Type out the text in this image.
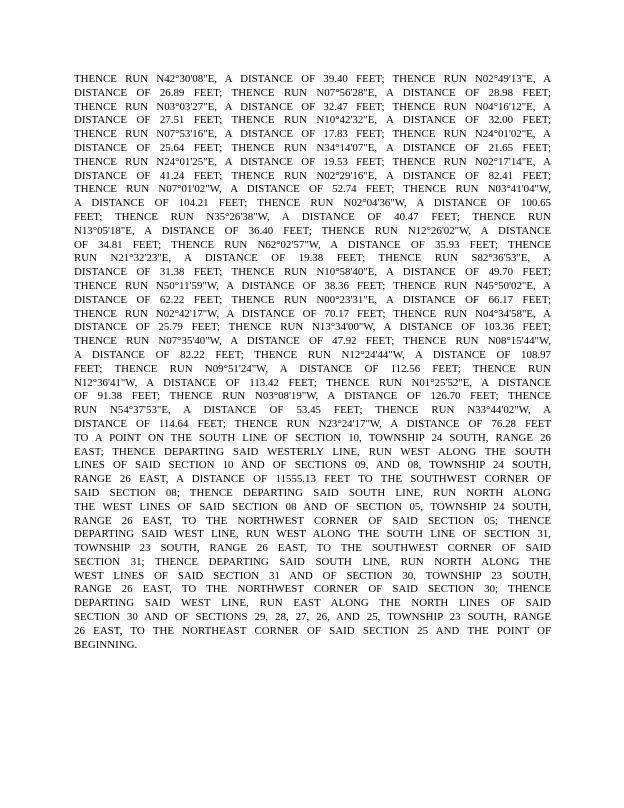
THENCE RUN N42°30'08"E, A DISTANCE OF 39.40 FEET; THENCE RUN N02°49'13"E, A
DISTANCE OF 26.89 FEET; THENCE RUN N07°56'28"E, A DISTANCE OF 28.98 FEET;
THENCE RUN N03°03'27"E, A DISTANCE OF 32.47 FEET; THENCE RUN N04°16'12"E, A
DISTANCE OF 27.51 FEET; THENCE RUN N10°42'32"E, A DISTANCE OF 32.00 FEET;
THENCE RUN N07°53'16"E, A DISTANCE OF 17.83 FEET; THENCE RUN N24°01'02"E, A
DISTANCE OF 25.64 FEET; THENCE RUN N34°14'07"E, A DISTANCE OF 21.65 FEET;
THENCE RUN N24°01'25"E, A DISTANCE OF 19.53 FEET; THENCE RUN N02°17'14"E, A
DISTANCE OF 41.24 FEET; THENCE RUN N02°29'16"E, A DISTANCE OF 82.41 FEET;
THENCE RUN N07°01'02"W, A DISTANCE OF 52.74 FEET; THENCE RUN N03°41'04"W,
A DISTANCE OF 104.21 FEET; THENCE RUN N02°04'36"W, A DISTANCE OF 100.65
FEET; THENCE RUN N35°26'38"W, A DISTANCE OF 40.47 FEET; THENCE RUN
N13°05'18"E, A DISTANCE OF 36.40 FEET; THENCE RUN N12°26'02"W, A DISTANCE
OF 34.81 FEET; THENCE RUN N62°02'57"W, A DISTANCE OF 35.93 FEET; THENCE
RUN N21°32'23"E, A DISTANCE OF 19.38 FEET; THENCE RUN S82°36'53"E, A
DISTANCE OF 31.38 FEET; THENCE RUN N10°58'40"E, A DISTANCE OF 49.70 FEET;
THENCE RUN N50°11'59"W, A DISTANCE OF 38.36 FEET; THENCE RUN N45°50'02"E, A
DISTANCE OF 62.22 FEET; THENCE RUN N00°23'31"E, A DISTANCE OF 66.17 FEET;
THENCE RUN N02°42'17"W, A DISTANCE OF 70.17 FEET; THENCE RUN N04°34'58"E, A
DISTANCE OF 25.79 FEET; THENCE RUN N13°34'00"W, A DISTANCE OF 103.36 FEET;
THENCE RUN N07°35'40"W, A DISTANCE OF 47.92 FEET; THENCE RUN N08°15'44"W,
A DISTANCE OF 82.22 FEET; THENCE RUN N12°24'44"W, A DISTANCE OF 108.97
FEET; THENCE RUN N09°51'24"W, A DISTANCE OF 112.56 FEET; THENCE RUN
N12°36'41"W, A DISTANCE OF 113.42 FEET; THENCE RUN N01°25'52"E, A DISTANCE
OF 91.38 FEET; THENCE RUN N03°08'19"W, A DISTANCE OF 126.70 FEET; THENCE
RUN N54°37'53"E, A DISTANCE OF 53.45 FEET; THENCE RUN N33°44'02"W, A
DISTANCE OF 114.64 FEET; THENCE RUN N23°24'17"W, A DISTANCE OF 76.28 FEET
TO A POINT ON THE SOUTH LINE OF SECTION 10, TOWNSHIP 24 SOUTH, RANGE 26
EAST; THENCE DEPARTING SAID WESTERLY LINE, RUN WEST ALONG THE SOUTH
LINES OF SAID SECTION 10 AND OF SECTIONS 09, AND 08, TOWNSHIP 24 SOUTH,
RANGE 26 EAST, A DISTANCE OF 11555.13 FEET TO THE SOUTHWEST CORNER OF
SAID SECTION 08; THENCE DEPARTING SAID SOUTH LINE, RUN NORTH ALONG
THE WEST LINES OF SAID SECTION 08 AND OF SECTION 05, TOWNSHIP 24 SOUTH,
RANGE 26 EAST, TO THE NORTHWEST CORNER OF SAID SECTION 05; THENCE
DEPARTING SAID WEST LINE, RUN WEST ALONG THE SOUTH LINE OF SECTION 31,
TOWNSHIP 23 SOUTH, RANGE 26 EAST, TO THE SOUTHWEST CORNER OF SAID
SECTION 31; THENCE DEPARTING SAID SOUTH LINE, RUN NORTH ALONG THE
WEST LINES OF SAID SECTION 31 AND OF SECTION 30, TOWNSHIP 23 SOUTH,
RANGE 26 EAST, TO THE NORTHWEST CORNER OF SAID SECTION 30; THENCE
DEPARTING SAID WEST LINE, RUN EAST ALONG THE NORTH LINES OF SAID
SECTION 30 AND OF SECTIONS 29, 28, 27, 26, AND 25, TOWNSHIP 23 SOUTH, RANGE
26 EAST, TO THE NORTHEAST CORNER OF SAID SECTION 25 AND THE POINT OF
BEGINNING.
